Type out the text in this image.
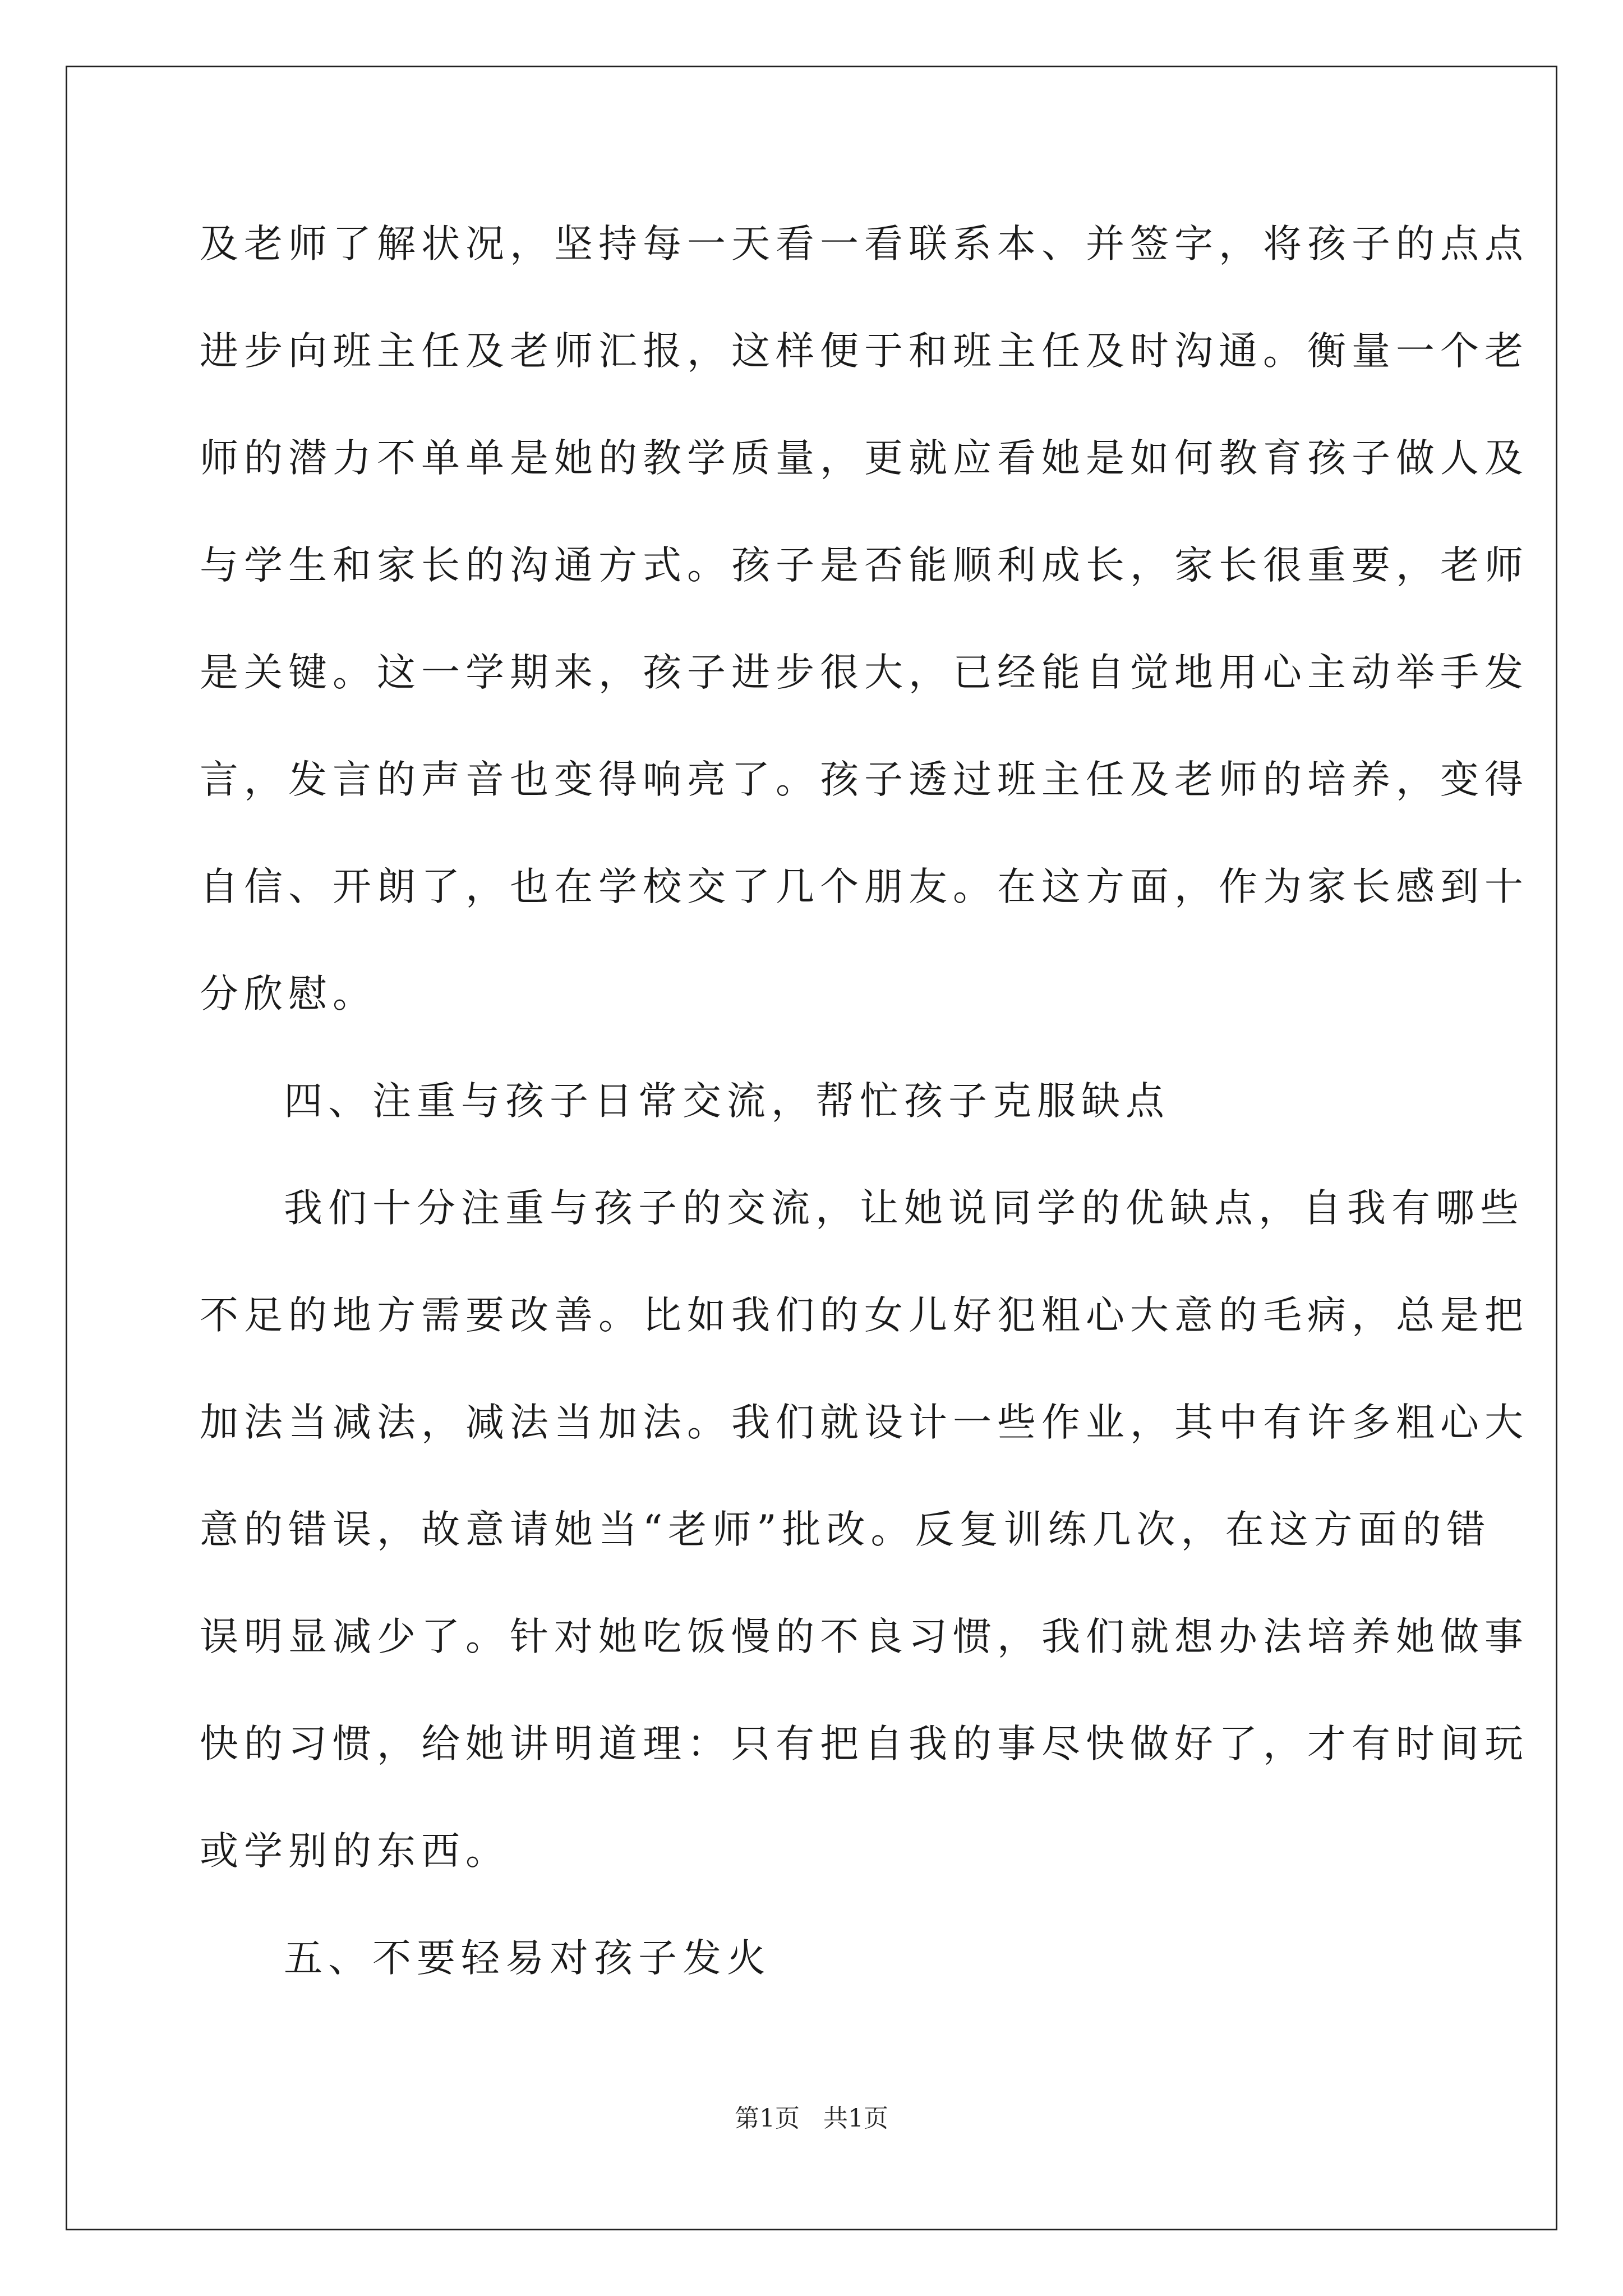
及老师了解状况，坚持每一天看一看联系本、并签字，将孩子的点点
进步向班主任及老师汇报，这样便于和班主任及时沟通。衡量一个老
师的潜力不单单是她的教学质量，更就应看她是如何教育孩子做人及
与学生和家长的沟通方式。孩子是否能顺利成长，家长很重要，老师
是关键。这一学期来，孩子进步很大，已经能自觉地用心主动举手发
言，发言的声音也变得响亮了。孩子透过班主任及老师的培养，变得
自信、开朗了，也在学校交了几个朋友。在这方面，作为家长感到十
分欣慰。
四、注重与孩子日常交流，帮忙孩子克服缺点
我们十分注重与孩子的交流，让她说同学的优缺点，自我有哪些
不足的地方需要改善。比如我们的女儿好犯粗心大意的毛病，总是把
加法当减法，减法当加法。我们就设计一些作业，其中有许多粗心大
意的错误，故意请她当“老师”批改。反复训练几次，在这方面的错
误明显减少了。针对她吃饭慢的不良习惯，我们就想办法培养她做事
快的习惯，给她讲明道理：只有把自我的事尽快做好了，才有时间玩
或学别的东西。
五、不要轻易对孩子发火
第1页 共1页
